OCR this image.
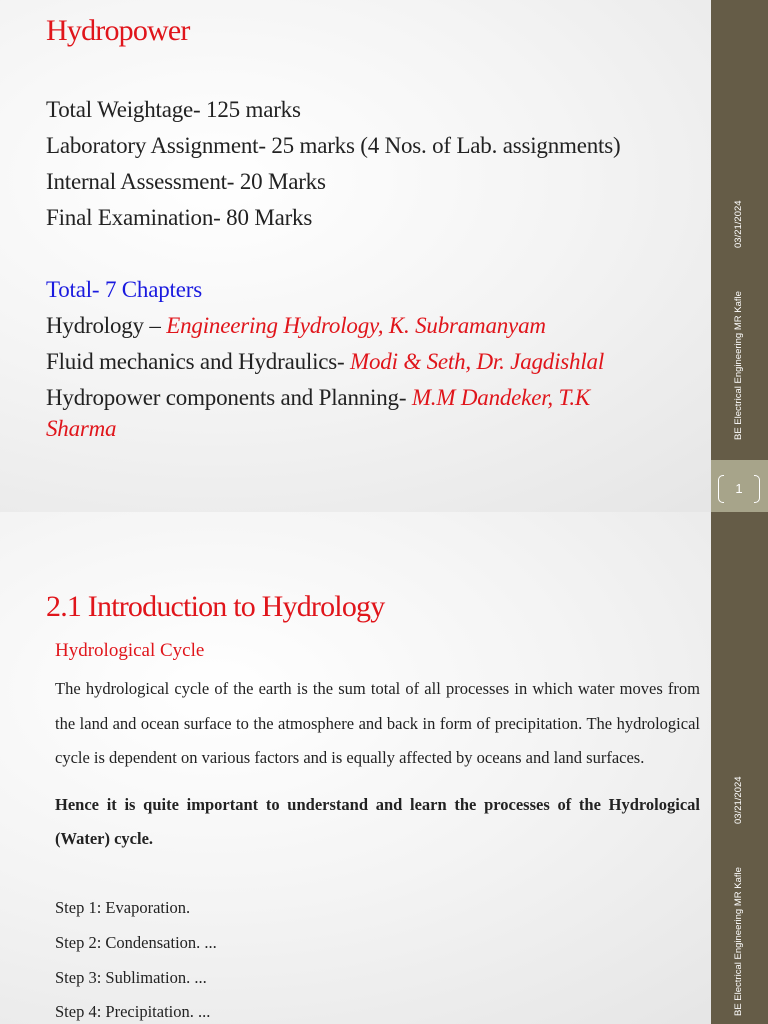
Hydropower
Total Weightage- 125 marks
Laboratory Assignment- 25 marks (4 Nos. of Lab. assignments)
Internal Assessment- 20 Marks
Final Examination- 80 Marks
Total- 7 Chapters
Hydrology – Engineering Hydrology, K. Subramanyam
Fluid mechanics and Hydraulics- Modi & Seth, Dr. Jagdishlal
Hydropower components and Planning- M.M Dandeker, T.K
Sharma
03/21/2024
BE Electrical Engineering MR Kafle
1
2.1 Introduction to Hydrology
Hydrological Cycle
The hydrological cycle of the earth is the sum total of all processes in which water moves from the land and ocean surface to the atmosphere and back in form of precipitation. The hydrological cycle is dependent on various factors and is equally affected by oceans and land surfaces.
Hence it is quite important to understand and learn the processes of the Hydrological (Water) cycle.
Step 1: Evaporation.
Step 2: Condensation. ...
Step 3: Sublimation. ...
Step 4: Precipitation. ...
03/21/2024
BE Electrical Engineering MR Kafle
